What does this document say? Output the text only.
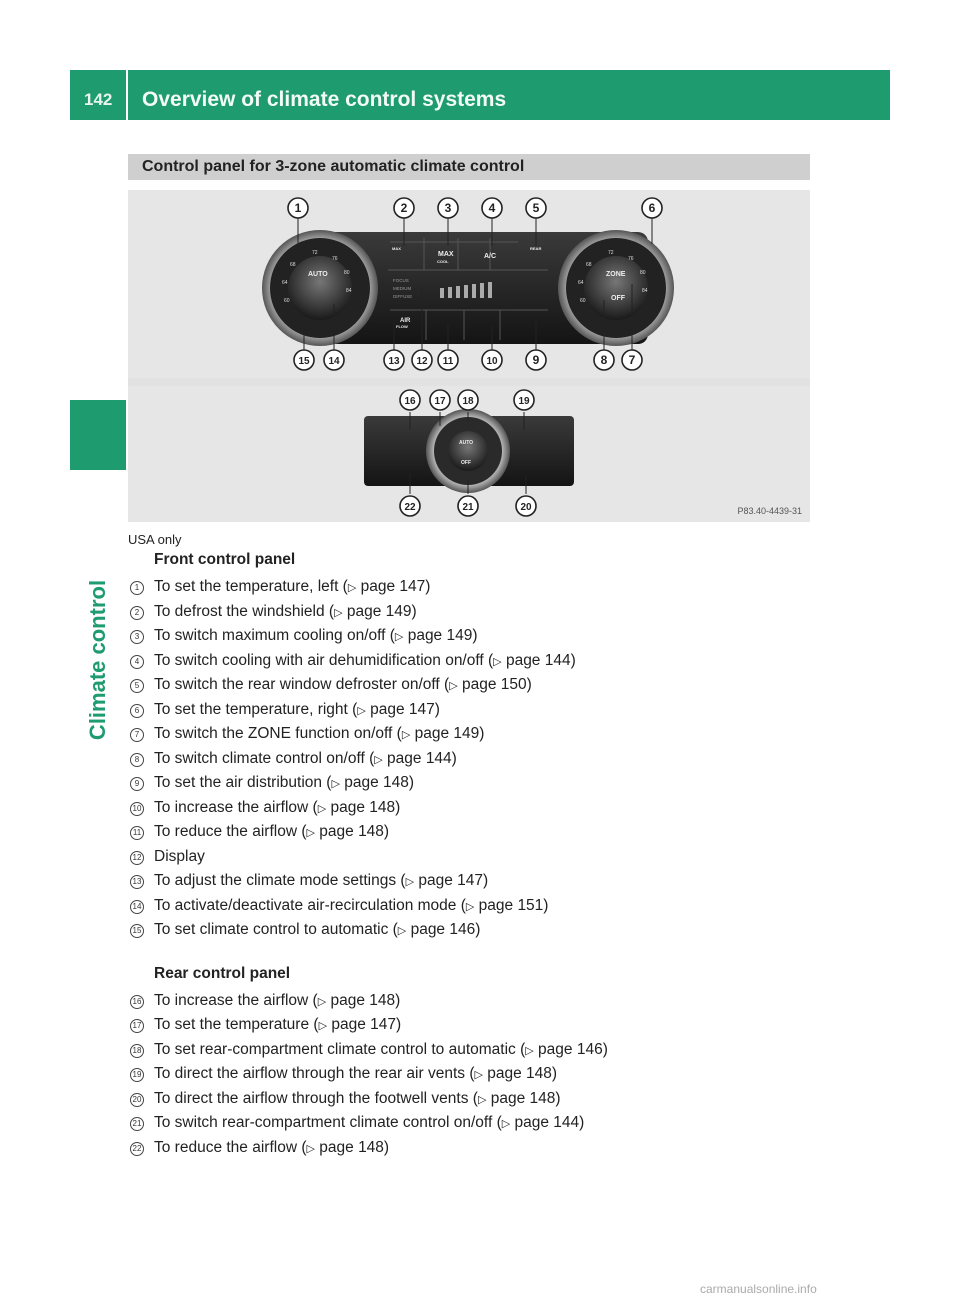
142 Overview of climate control systems
Climate control
Control panel for 3-zone automatic climate control
AUTO
MAX
COOL
A/C
ZONE
OFF
AIR
FLOW
MAX	REAR
FOCUS
MEDIUM
DIFFUSE
72
76
80
84
60
64
68
72
76
80
84
60
64
68
AUTO
OFF
1	2	3	4	5	6
7
8
9
10
11
12
13
14
15
16 17 18	19
20
21
22	P83.40-4439-31

USA only

Front control panel
1 To set the temperature, left (▷ page 147)
2 To defrost the windshield (▷ page 149)
3 To switch maximum cooling on/off (▷ page 149)
4 To switch cooling with air dehumidification on/off (▷ page 144)
5 To switch the rear window defroster on/off (▷ page 150)
6 To set the temperature, right (▷ page 147)
7 To switch the ZONE function on/off (▷ page 149)
8 To switch climate control on/off (▷ page 144)
9 To set the air distribution (▷ page 148)
10 To increase the airflow (▷ page 148)
11 To reduce the airflow (▷ page 148)
12 Display
13 To adjust the climate mode settings (▷ page 147)
14 To activate/deactivate air-recirculation mode (▷ page 151)
15 To set climate control to automatic (▷ page 146)
Rear control panel
16 To increase the airflow (▷ page 148)
17 To set the temperature (▷ page 147)
18 To set rear-compartment climate control to automatic (▷ page 146)
19 To direct the airflow through the rear air vents (▷ page 148)
20 To direct the airflow through the footwell vents (▷ page 148)
21 To switch rear-compartment climate control on/off (▷ page 144)
22 To reduce the airflow (▷ page 148)
carmanualsonline.info
